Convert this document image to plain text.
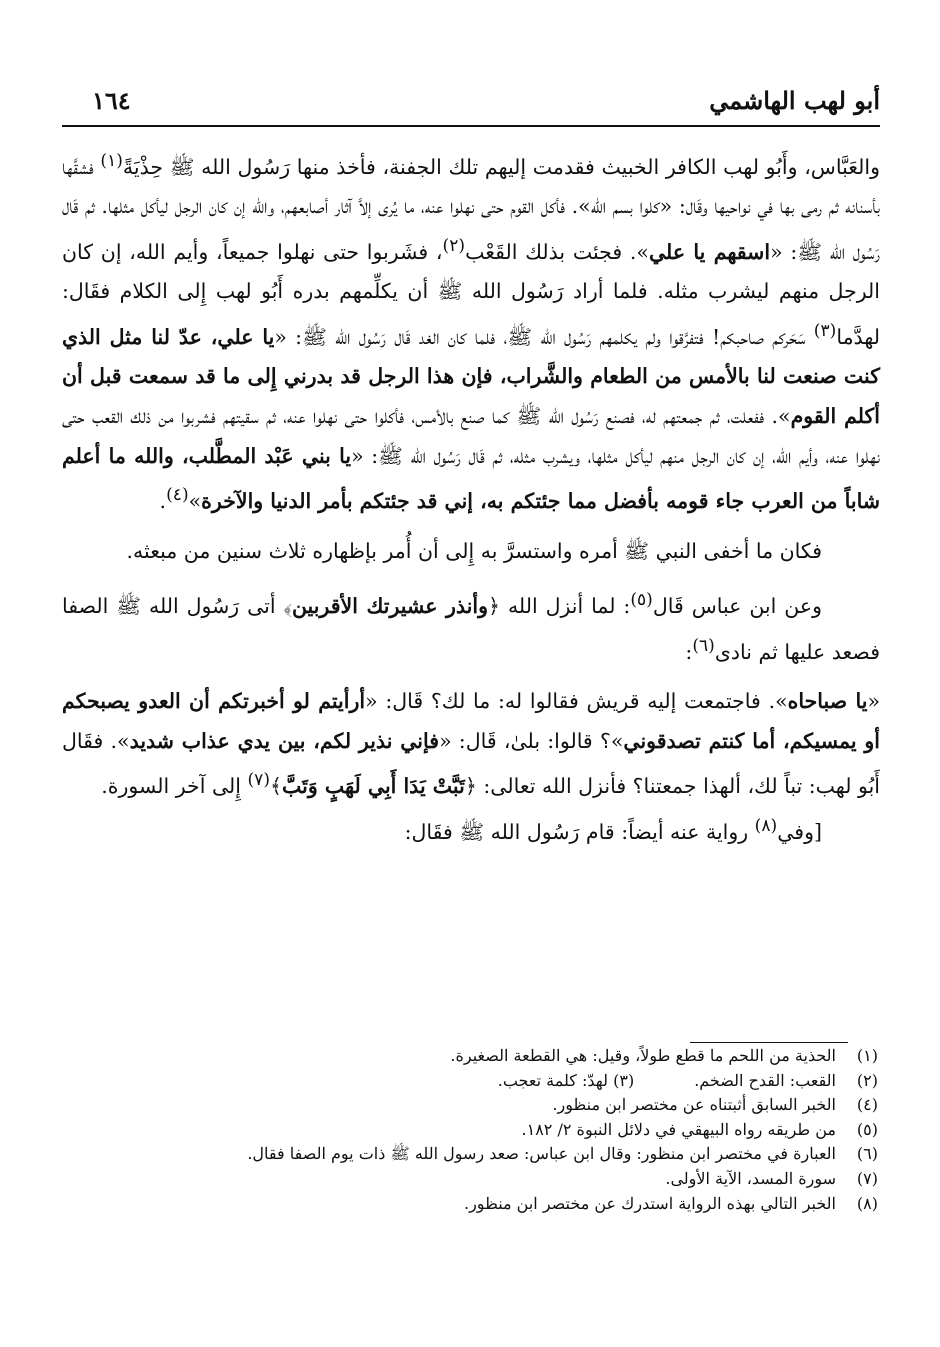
أبو لهب الهاشمي
١٦٤

والعَبَّاس، وأَبُو لهب الكافر الخبيث فقدمت إليهم تلك الجفنة، فأخذ منها رَسُول الله ﷺ حِذْيَةً$^{(١)}$ فشقَّها بأسنانه ثم رمى بها في نواحيها وقَال: «كلوا بسم الله». فأكل القوم حتى نهلوا عنه، ما يُرى إلاَّ آثار أصابعهم، والله إن كان الرجل ليأكل مثلها. ثم قَال رَسُول الله ﷺ: «اسقهم يا علي». فجئت بذلك القَعْب$^{(٢)}$، فشَربوا حتى نهلوا جميعاً، وأيم الله، إن كان الرجل منهم ليشرب مثله. فلما أراد رَسُول الله ﷺ أن يكلِّمهم بدره أَبُو لهب إِلى الكلام فقَال: لهدَّما$^{(٣)}$ سَحَركم صاحبكم! فتفرَّقوا ولم يكلمهم رَسُول الله ﷺ، فلما كان الغد قَال رَسُول الله ﷺ: «يا علي، عدّ لنا مثل الذي كنت صنعت لنا بالأمس من الطعام والشَّراب، فإن هذا الرجل قد بدرني إِلى ما قد سمعت قبل أن أكلم القوم». ففعلت، ثم جمعتهم له، فصنع رَسُول الله ﷺ كما صنع بالأمس، فأكلوا حتى نهلوا عنه، ثم سقيتهم فشربوا من ذلك القعب حتى نهلوا عنه، وأيم الله، إن كان الرجل منهم ليأكل مثلها، ويشرب مثله، ثم قَال رَسُول الله ﷺ: «يا بني عَبْد المطَّلب، والله ما أعلم شاباً من العرب جاء قومه بأفضل مما جئتكم به، إني قد جئتكم بأمر الدنيا والآخرة»$^{(٤)}$.

فكان ما أخفى النبي ﷺ أمره واستسرَّ به إِلى أن أُمر بإظهاره ثلاث سنين من مبعثه.

وعن ابن عباس قَال$^{(٥)}$: لما أنزل الله ﴿وأنذر عشيرتك الأقربين﴾ أتى رَسُول الله ﷺ الصفا فصعد عليها ثم نادى$^{(٦)}$:

«يا صباحاه». فاجتمعت إليه قريش فقالوا له: ما لك؟ قَال: «أرأيتم لو أخبرتكم أن العدو يصبحكم أو يمسيكم، أما كنتم تصدقوني»؟ قالوا: بلىٰ، قَال: «فإني نذير لكم، بين يدي عذاب شديد». فقَال أَبُو لهب: تباً لك، ألهذا جمعتنا؟ فأنزل الله تعالى: ﴿تَبَّتْ يَدَا أَبِي لَهَبٍ وَتَبَّ﴾$^{(٧)}$ إِلى آخر السورة.

[وفي$^{(٨)}$ رواية عنه أيضاً: قام رَسُول الله ﷺ فقَال:

(١)
الحذية من اللحم ما قطع طولاً، وقيل: هي القطعة الصغيرة.
(٢)
القعب: القدح الضخم.(٣) لهدّ: كلمة تعجب.
(٤)
الخبر السابق أثبتناه عن مختصر ابن منظور.
(٥)
من طريقه رواه البيهقي في دلائل النبوة ٢/ ١٨٢.
(٦)
العبارة في مختصر ابن منظور: وقال ابن عباس: صعد رسول الله ﷺ ذات يوم الصفا فقال.
(٧)
سورة المسد، الآية الأولى.
(٨)
الخبر التالي بهذه الرواية استدرك عن مختصر ابن منظور.
